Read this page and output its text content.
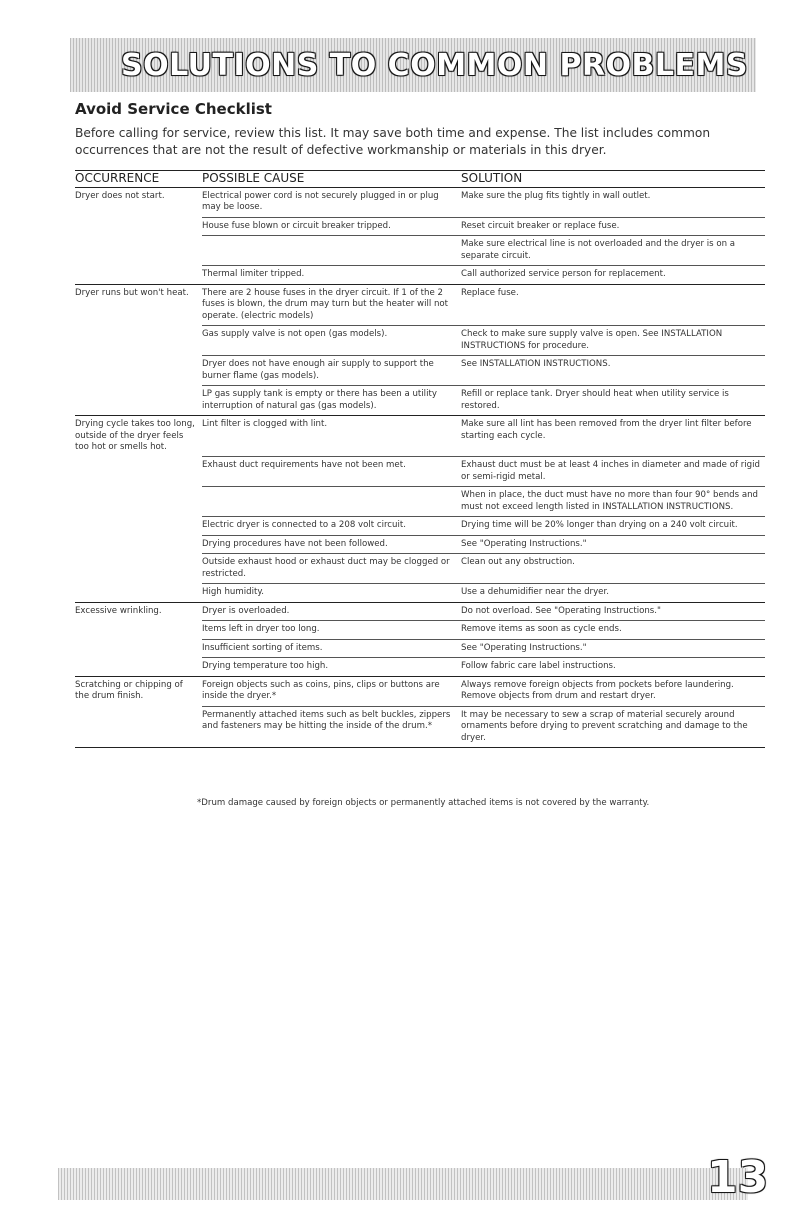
SOLUTIONS TO COMMON PROBLEMS
Avoid Service Checklist
Before calling for service, review this list. It may save both time and expense. The list includes common occurrences that are not the result of defective workmanship or materials in this dryer.
OCCURRENCE	POSSIBLE CAUSE	SOLUTION
Dryer does not start.	Electrical power cord is not securely plugged in or plug may be loose.	Make sure the plug fits tightly in wall outlet.
	House fuse blown or circuit breaker tripped.	Reset circuit breaker or replace fuse.
		Make sure electrical line is not overloaded and the dryer is on a separate circuit.
	Thermal limiter tripped.	Call authorized service person for replacement.
Dryer runs but won't heat.	There are 2 house fuses in the dryer circuit. If 1 of the 2 fuses is blown, the drum may turn but the heater will not operate. (electric models)	Replace fuse.
	Gas supply valve is not open (gas models).	Check to make sure supply valve is open. See INSTALLATION INSTRUCTIONS for procedure.
	Dryer does not have enough air supply to support the burner flame (gas models).	See INSTALLATION INSTRUCTIONS.
	LP gas supply tank is empty or there has been a utility interruption of natural gas (gas models).	Refill or replace tank. Dryer should heat when utility service is restored.
Drying cycle takes too long, outside of the dryer feels too hot or smells hot.	Lint filter is clogged with lint.	Make sure all lint has been removed from the dryer lint filter before starting each cycle.
	Exhaust duct requirements have not been met.	Exhaust duct must be at least 4 inches in diameter and made of rigid or semi-rigid metal.
		When in place, the duct must have no more than four 90° bends and must not exceed length listed in INSTALLATION INSTRUCTIONS.
	Electric dryer is connected to a 208 volt circuit.	Drying time will be 20% longer than drying on a 240 volt circuit.
	Drying procedures have not been followed.	See "Operating Instructions."
	Outside exhaust hood or exhaust duct may be clogged or restricted.	Clean out any obstruction.
	High humidity.	Use a dehumidifier near the dryer.
Excessive wrinkling.	Dryer is overloaded.	Do not overload. See "Operating Instructions."
	Items left in dryer too long.	Remove items as soon as cycle ends.
	Insufficient sorting of items.	See "Operating Instructions."
	Drying temperature too high.	Follow fabric care label instructions.
Scratching or chipping of the drum finish.	Foreign objects such as coins, pins, clips or buttons are inside the dryer.*	Always remove foreign objects from pockets before laundering. Remove objects from drum and restart dryer.
	Permanently attached items such as belt buckles, zippers and fasteners may be hitting the inside of the drum.*	It may be necessary to sew a scrap of material securely around ornaments before drying to prevent scratching and damage to the dryer.
*Drum damage caused by foreign objects or permanently attached items is not covered by the warranty.
13
